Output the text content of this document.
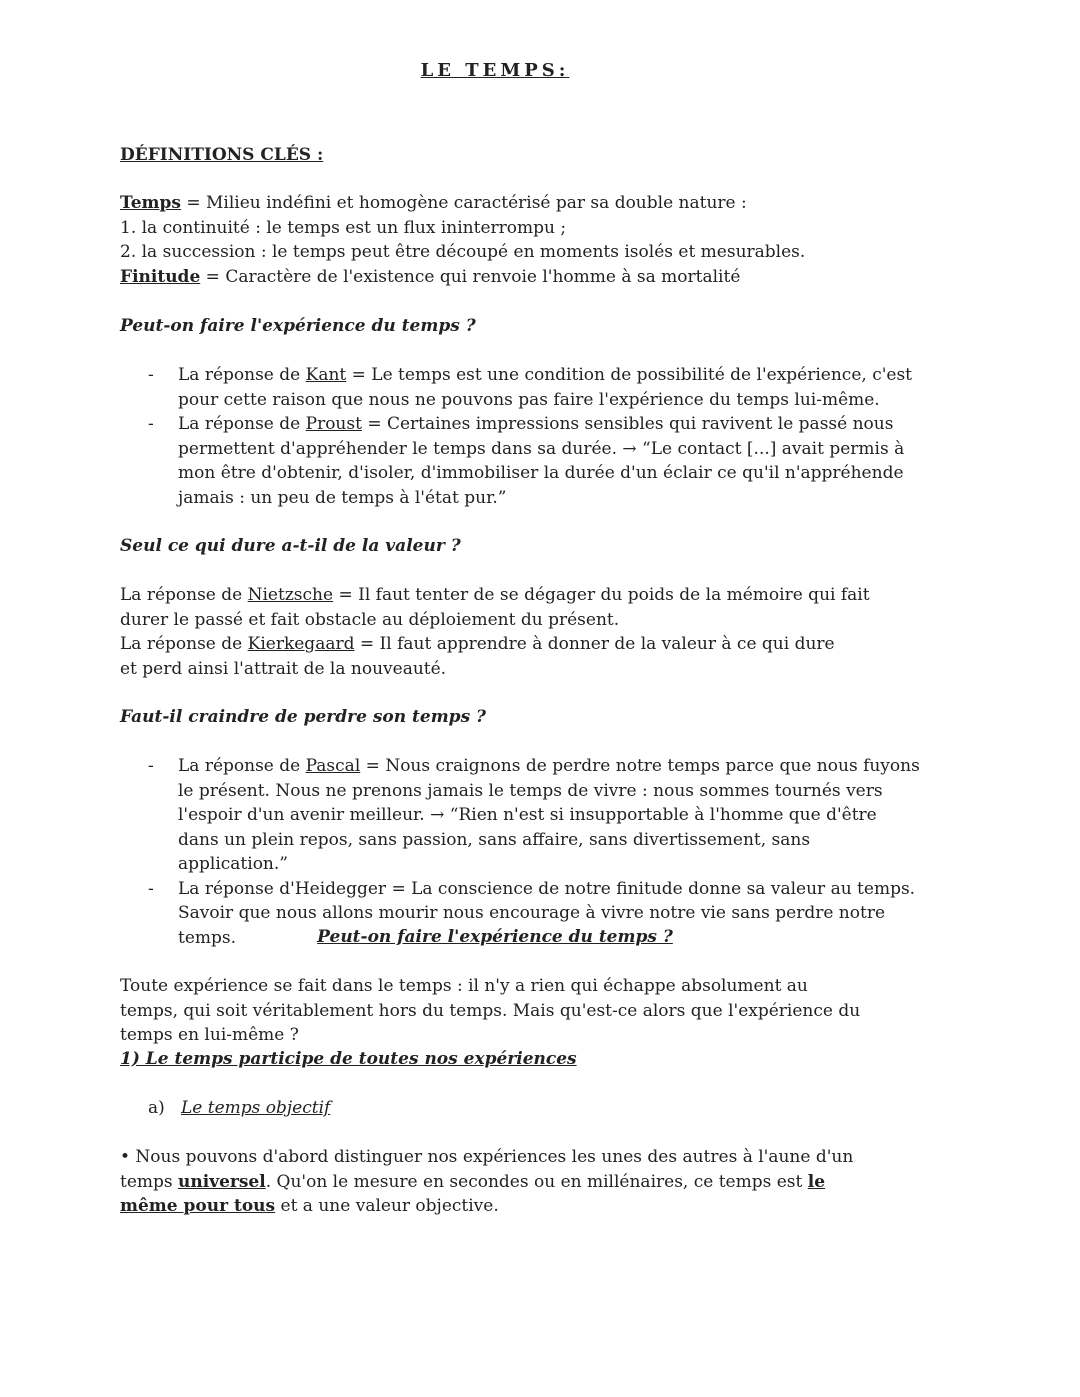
LE TEMPS:

DÉFINITIONS CLÉS :

Temps = Milieu indéfini et homogène caractérisé par sa double nature :

1. la continuité : le temps est un flux ininterrompu ;

2. la succession : le temps peut être découpé en moments isolés et mesurables.

Finitude = Caractère de l'existence qui renvoie l'homme à sa mortalité

Peut-on faire l'expérience du temps ?

- La réponse de Kant = Le temps est une condition de possibilité de l'expérience, c'est pour cette raison que nous ne pouvons pas faire l'expérience du temps lui-même.
- La réponse de Proust = Certaines impressions sensibles qui ravivent le passé nous permettent d'appréhender le temps dans sa durée. → “Le contact [...] avait permis à mon être d'obtenir, d'isoler, d'immobiliser la durée d'un éclair ce qu'il n'appréhende jamais : un peu de temps à l'état pur.”

Seul ce qui dure a-t-il de la valeur ?

La réponse de Nietzsche = Il faut tenter de se dégager du poids de la mémoire qui fait durer le passé et fait obstacle au déploiement du présent.

La réponse de Kierkegaard = Il faut apprendre à donner de la valeur à ce qui dure

et perd ainsi l'attrait de la nouveauté.

Faut-il craindre de perdre son temps ?

- La réponse de Pascal = Nous craignons de perdre notre temps parce que nous fuyons le présent. Nous ne prenons jamais le temps de vivre : nous sommes tournés vers l'espoir d'un avenir meilleur. → “Rien n'est si insupportable à l'homme que d'être dans un plein repos, sans passion, sans affaire, sans divertissement, sans application.”
- La réponse d'Heidegger = La conscience de notre finitude donne sa valeur au temps. Savoir que nous allons mourir nous encourage à vivre notre vie sans perdre notre temps.	Peut-on faire l'expérience du temps ?

Toute expérience se fait dans le temps : il n'y a rien qui échappe absolument au temps, qui soit véritablement hors du temps. Mais qu'est-ce alors que l'expérience du temps en lui-même ?

1) Le temps participe de toutes nos expériences

a) Le temps objectif

• Nous pouvons d'abord distinguer nos expériences les unes des autres à l'aune d'un temps universel. Qu'on le mesure en secondes ou en millénaires, ce temps est le même pour tous et a une valeur objective.
